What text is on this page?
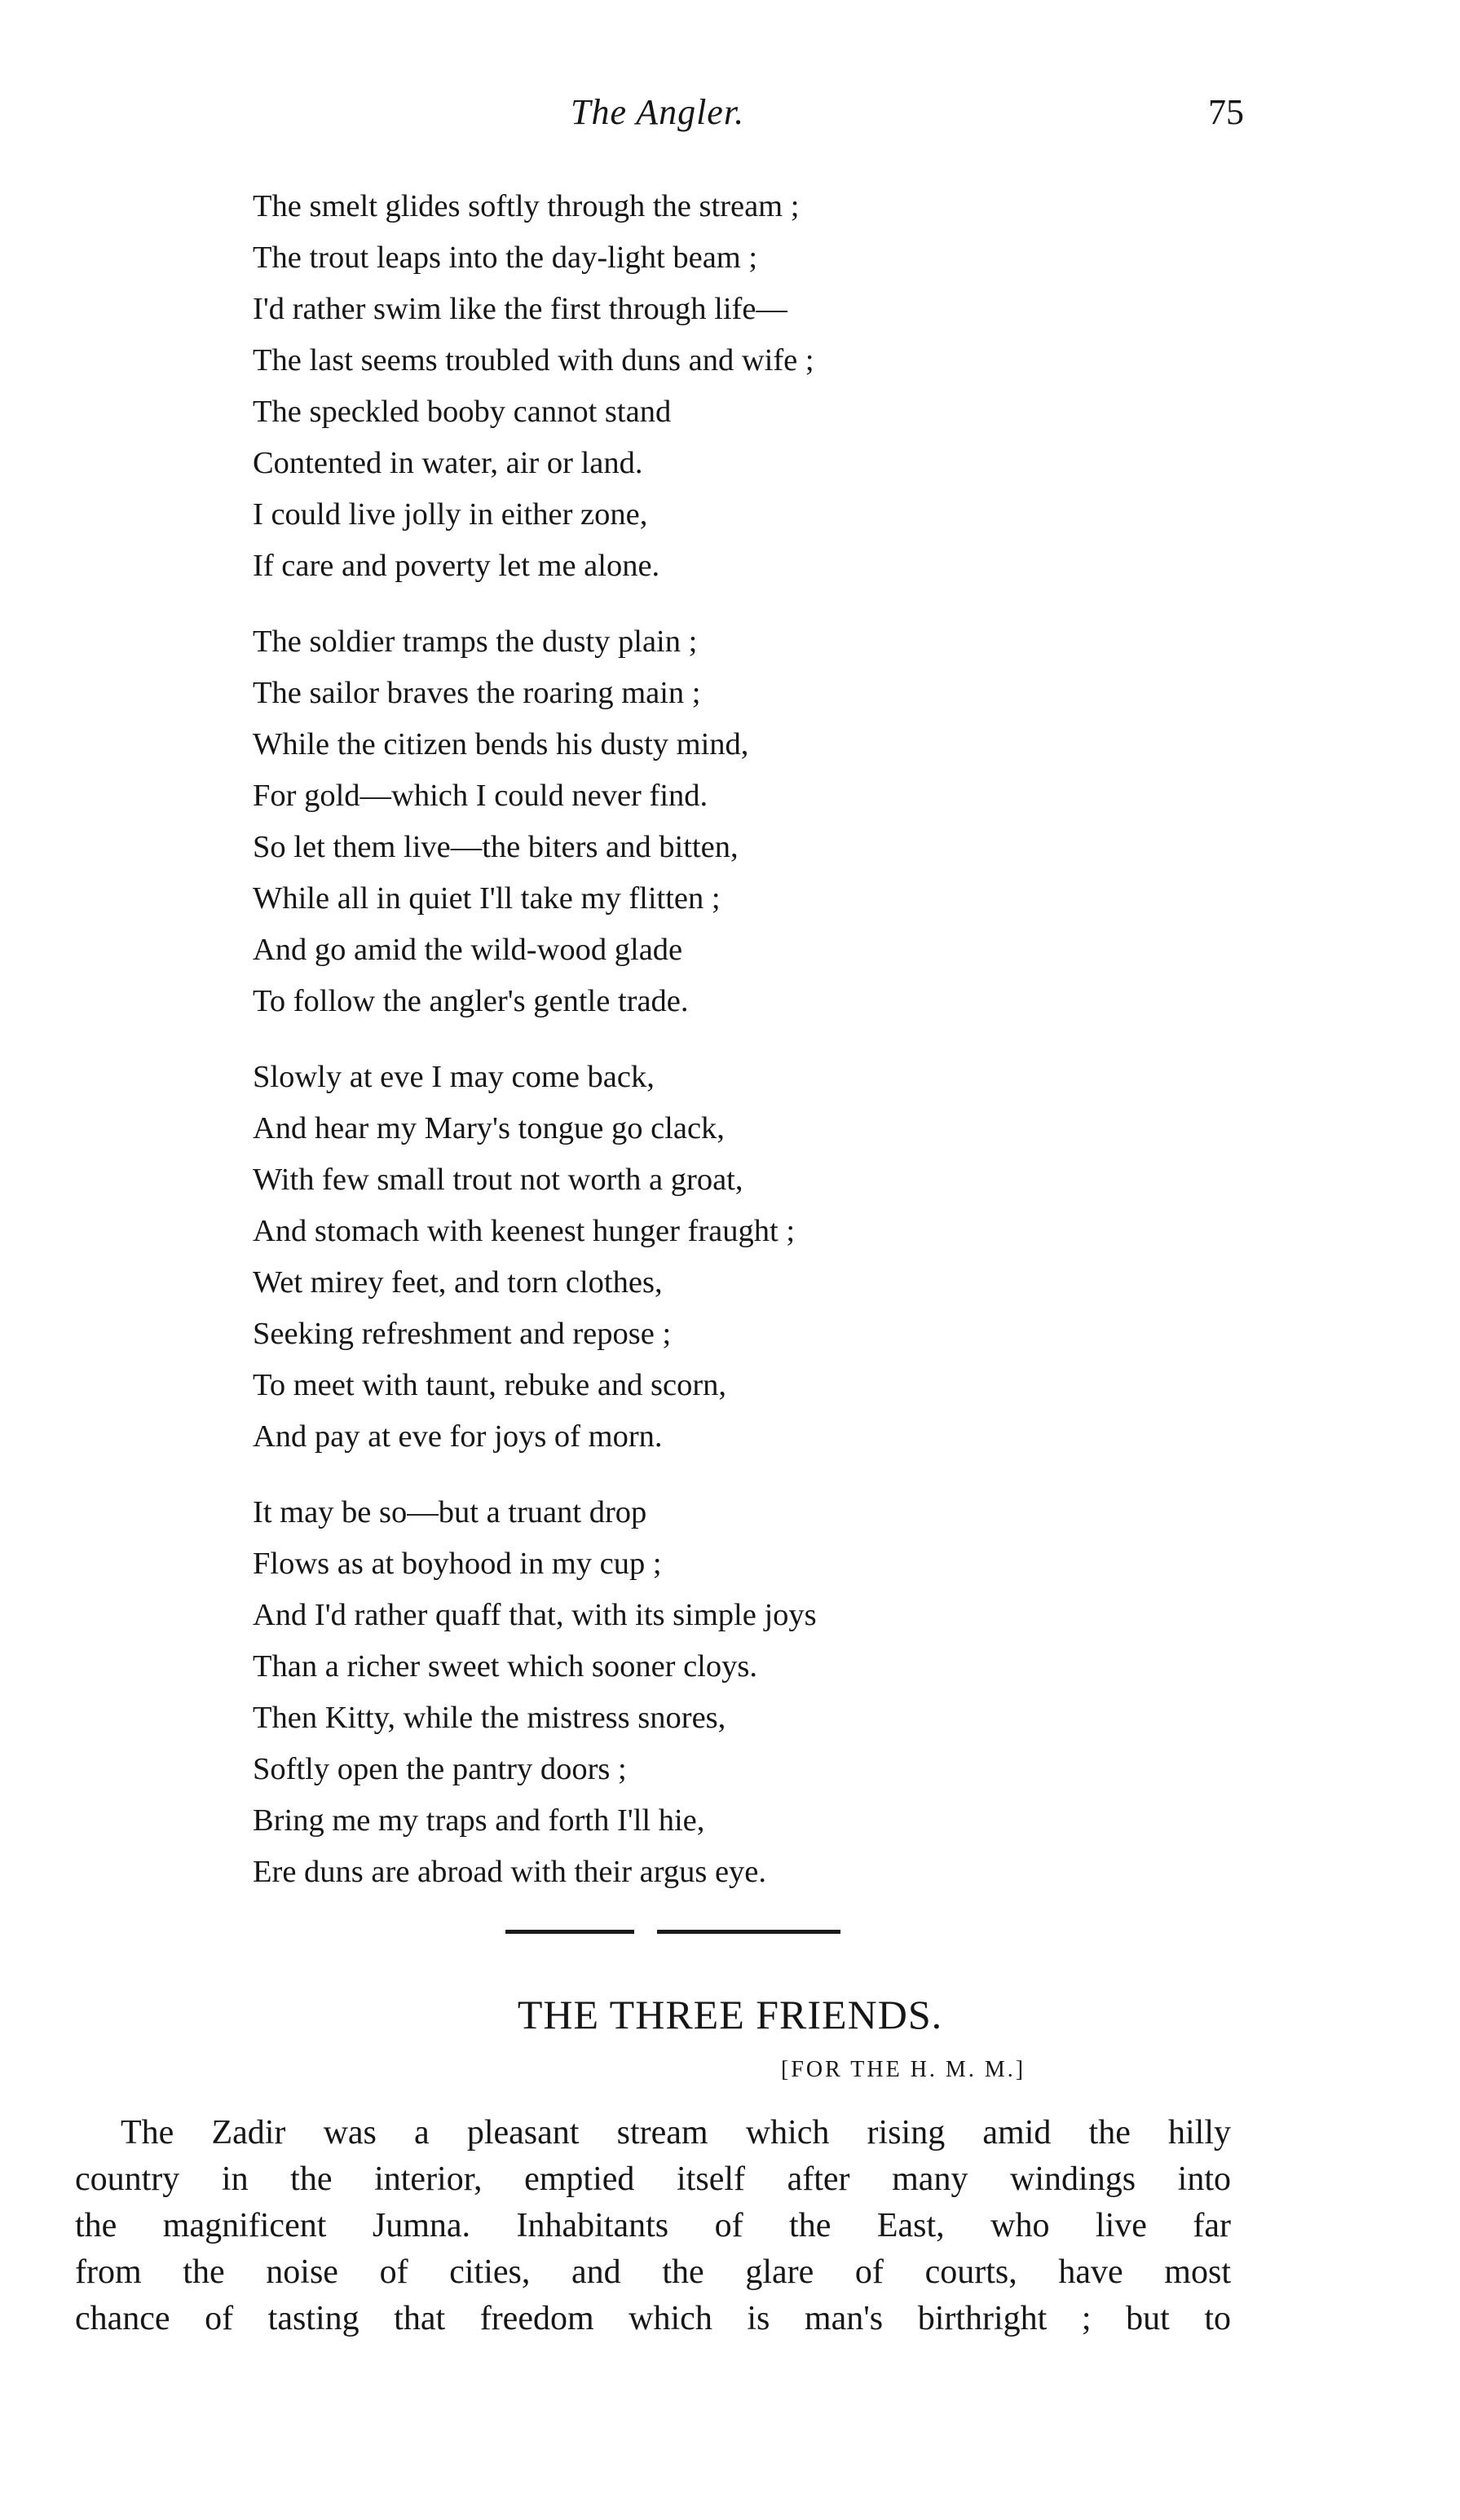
The Angler.	75
The smelt glides softly through the stream ;
The trout leaps into the day-light beam ;
I'd rather swim like the first through life—
The last seems troubled with duns and wife ;
The speckled booby cannot stand
Contented in water, air or land.
I could live jolly in either zone,
If care and poverty let me alone.
The soldier tramps the dusty plain ;
The sailor braves the roaring main ;
While the citizen bends his dusty mind,
For gold—which I could never find.
So let them live—the biters and bitten,
While all in quiet I'll take my flitten ;
And go amid the wild-wood glade
To follow the angler's gentle trade.
Slowly at eve I may come back,
And hear my Mary's tongue go clack,
With few small trout not worth a groat,
And stomach with keenest hunger fraught ;
Wet mirey feet, and torn clothes,
Seeking refreshment and repose ;
To meet with taunt, rebuke and scorn,
And pay at eve for joys of morn.
It may be so—but a truant drop
Flows as at boyhood in my cup ;
And I'd rather quaff that, with its simple joys
Than a richer sweet which sooner cloys.
Then Kitty, while the mistress snores,
Softly open the pantry doors ;
Bring me my traps and forth I'll hie,
Ere duns are abroad with their argus eye.
THE THREE FRIENDS.
[FOR THE H. M. M.]
The Zadir was a pleasant stream which rising amid the hilly
country in the interior, emptied itself after many windings into
the magnificent Jumna. Inhabitants of the East, who live far
from the noise of cities, and the glare of courts, have most
chance of tasting that freedom which is man's birthright ; but to
